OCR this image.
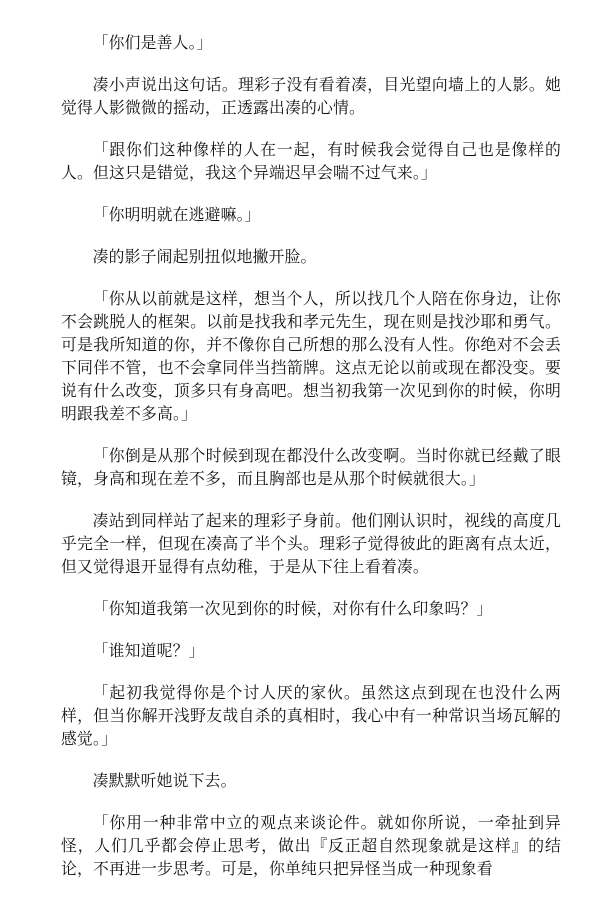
「你们是善人。」

凑小声说出这句话。理彩子没有看着凑，目光望向墙上的人影。她觉得人影微微的摇动，正透露出凑的心情。

「跟你们这种像样的人在一起，有时候我会觉得自己也是像样的人。但这只是错觉，我这个异端迟早会喘不过气来。」

「你明明就在逃避嘛。」

凑的影子闹起别扭似地撇开脸。

「你从以前就是这样，想当个人，所以找几个人陪在你身边，让你不会跳脱人的框架。以前是找我和孝元先生，现在则是找沙耶和勇气。可是我所知道的你，并不像你自己所想的那么没有人性。你绝对不会丢下同伴不管，也不会拿同伴当挡箭牌。这点无论以前或现在都没变。要说有什么改变，顶多只有身高吧。想当初我第一次见到你的时候，你明明跟我差不多高。」

「你倒是从那个时候到现在都没什么改变啊。当时你就已经戴了眼镜，身高和现在差不多，而且胸部也是从那个时候就很大。」

凑站到同样站了起来的理彩子身前。他们刚认识时，视线的高度几乎完全一样，但现在凑高了半个头。理彩子觉得彼此的距离有点太近，但又觉得退开显得有点幼稚，于是从下往上看着凑。

「你知道我第一次见到你的时候，对你有什么印象吗？」

「谁知道呢？」

「起初我觉得你是个讨人厌的家伙。虽然这点到现在也没什么两样，但当你解开浅野友哉自杀的真相时，我心中有一种常识当场瓦解的感觉。」

凑默默听她说下去。

「你用一种非常中立的观点来谈论件。就如你所说，一牵扯到异怪，人们几乎都会停止思考，做出『反正超自然现象就是这样』的结论，不再进一步思考。可是，你单纯只把异怪当成一种现象看
